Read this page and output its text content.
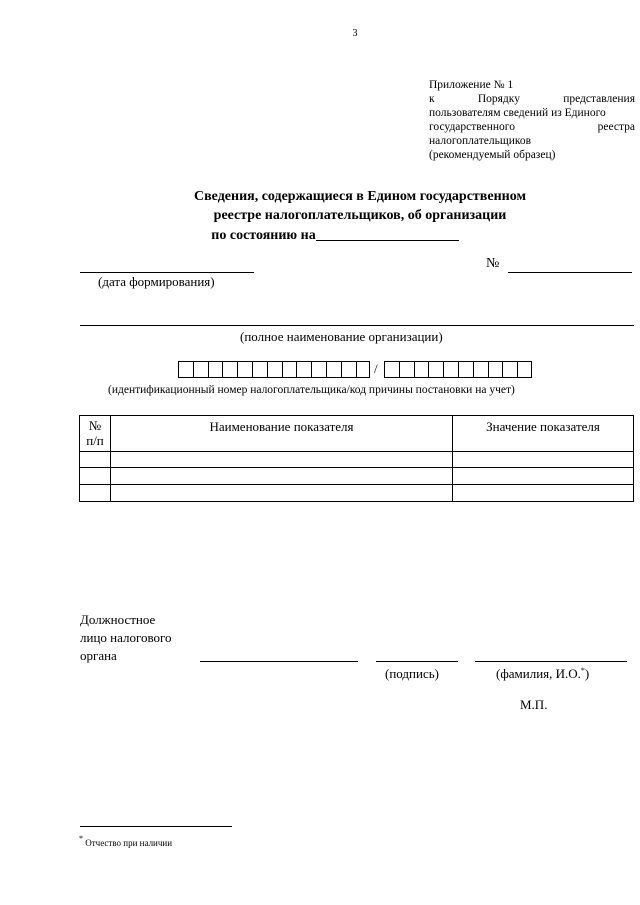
3
Приложение № 1
к	Порядку	представления
пользователям сведений из Единого
государственного	реестра
налогоплательщиков
(рекомендуемый образец)
Сведения, содержащиеся в Едином государственном
реестре налогоплательщиков, об организации
по состоянию на
(дата формирования)
№
(полное наименование организации)
/
(идентификационный номер налогоплательщика/код причины постановки на учет)
№
п/п	Наименование показателя	Значение показателя

Должностное
лицо налогового
органа
(подпись)	(фамилия, И.О.*)
М.П.
* Отчество при наличии
